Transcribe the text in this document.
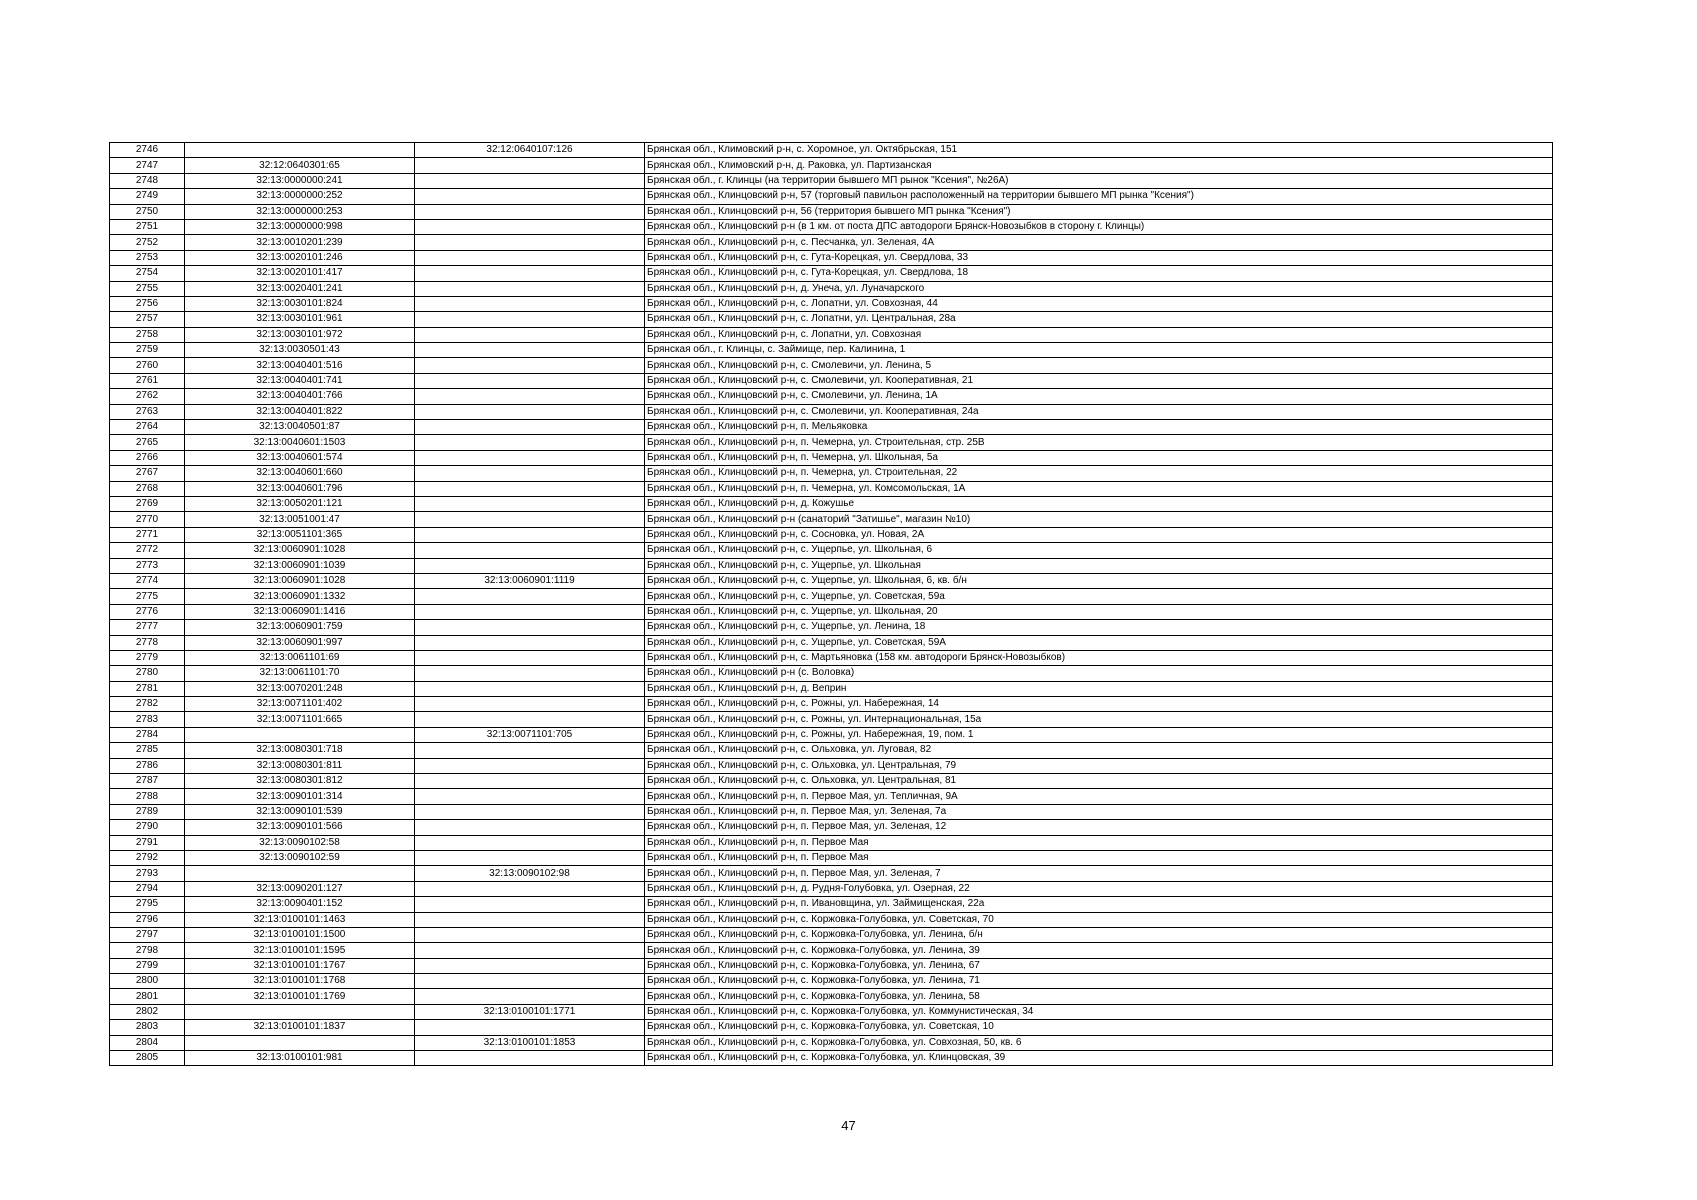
2746		32:12:0640107:126	Брянская обл., Климовский р-н, с. Хоромное, ул. Октябрьская, 151
2747	32:12:0640301:65		Брянская обл., Климовский р-н, д. Раковка, ул. Партизанская
2748	32:13:0000000:241		Брянская обл., г. Клинцы (на территории бывшего МП рынок "Ксения", №26А)
2749	32:13:0000000:252		Брянская обл., Клинцовский р-н, 57 (торговый павильон расположенный на территории бывшего МП рынка "Ксения")
2750	32:13:0000000:253		Брянская обл., Клинцовский р-н, 56 (территория бывшего МП рынка "Ксения")
2751	32:13:0000000:998		Брянская обл., Клинцовский р-н (в 1 км. от поста ДПС автодороги Брянск-Новозыбков в сторону г. Клинцы)
2752	32:13:0010201:239		Брянская обл., Клинцовский р-н, с. Песчанка, ул. Зеленая, 4А
2753	32:13:0020101:246		Брянская обл., Клинцовский р-н, с. Гута-Корецкая, ул. Свердлова, 33
2754	32:13:0020101:417		Брянская обл., Клинцовский р-н, с. Гута-Корецкая, ул. Свердлова, 18
2755	32:13:0020401:241		Брянская обл., Клинцовский р-н, д. Унеча, ул. Луначарского
2756	32:13:0030101:824		Брянская обл., Клинцовский р-н, с. Лопатни, ул. Совхозная, 44
2757	32:13:0030101:961		Брянская обл., Клинцовский р-н, с. Лопатни, ул. Центральная, 28а
2758	32:13:0030101:972		Брянская обл., Клинцовский р-н, с. Лопатни, ул. Совхозная
2759	32:13:0030501:43		Брянская обл., г. Клинцы, с. Займище, пер. Калинина, 1
2760	32:13:0040401:516		Брянская обл., Клинцовский р-н, с. Смолевичи, ул. Ленина, 5
2761	32:13:0040401:741		Брянская обл., Клинцовский р-н, с. Смолевичи, ул. Кооперативная, 21
2762	32:13:0040401:766		Брянская обл., Клинцовский р-н, с. Смолевичи, ул. Ленина, 1А
2763	32:13:0040401:822		Брянская обл., Клинцовский р-н, с. Смолевичи, ул. Кооперативная, 24а
2764	32:13:0040501:87		Брянская обл., Клинцовский р-н, п. Мельяковка
2765	32:13:0040601:1503		Брянская обл., Клинцовский р-н, п. Чемерна, ул. Строительная, стр. 25В
2766	32:13:0040601:574		Брянская обл., Клинцовский р-н, п. Чемерна, ул. Школьная, 5а
2767	32:13:0040601:660		Брянская обл., Клинцовский р-н, п. Чемерна, ул. Строительная, 22
2768	32:13:0040601:796		Брянская обл., Клинцовский р-н, п. Чемерна, ул. Комсомольская, 1А
2769	32:13:0050201:121		Брянская обл., Клинцовский р-н, д. Кожушье
2770	32:13:0051001:47		Брянская обл., Клинцовский р-н (санаторий "Затишье", магазин №10)
2771	32:13:0051101:365		Брянская обл., Клинцовский р-н, с. Сосновка, ул. Новая, 2А
2772	32:13:0060901:1028		Брянская обл., Клинцовский р-н, с. Ущерпье, ул. Школьная, 6
2773	32:13:0060901:1039		Брянская обл., Клинцовский р-н, с. Ущерпье, ул. Школьная
2774	32:13:0060901:1028	32:13:0060901:1119	Брянская обл., Клинцовский р-н, с. Ущерпье, ул. Школьная, 6, кв. б/н
2775	32:13:0060901:1332		Брянская обл., Клинцовский р-н, с. Ущерпье, ул. Советская, 59а
2776	32:13:0060901:1416		Брянская обл., Клинцовский р-н, с. Ущерпье, ул. Школьная, 20
2777	32:13:0060901:759		Брянская обл., Клинцовский р-н, с. Ущерпье, ул. Ленина, 18
2778	32:13:0060901:997		Брянская обл., Клинцовский р-н, с. Ущерпье, ул. Советская, 59А
2779	32:13:0061101:69		Брянская обл., Клинцовский р-н, с. Мартьяновка (158 км. автодороги Брянск-Новозыбков)
2780	32:13:0061101:70		Брянская обл., Клинцовский р-н (с. Воловка)
2781	32:13:0070201:248		Брянская обл., Клинцовский р-н, д. Веприн
2782	32:13:0071101:402		Брянская обл., Клинцовский р-н, с. Рожны, ул. Набережная, 14
2783	32:13:0071101:665		Брянская обл., Клинцовский р-н, с. Рожны, ул. Интернациональная, 15а
2784		32:13:0071101:705	Брянская обл., Клинцовский р-н, с. Рожны, ул. Набережная, 19, пом. 1
2785	32:13:0080301:718		Брянская обл., Клинцовский р-н, с. Ольховка, ул. Луговая, 82
2786	32:13:0080301:811		Брянская обл., Клинцовский р-н, с. Ольховка, ул. Центральная, 79
2787	32:13:0080301:812		Брянская обл., Клинцовский р-н, с. Ольховка, ул. Центральная, 81
2788	32:13:0090101:314		Брянская обл., Клинцовский р-н, п. Первое Мая, ул. Тепличная, 9А
2789	32:13:0090101:539		Брянская обл., Клинцовский р-н, п. Первое Мая, ул. Зеленая, 7а
2790	32:13:0090101:566		Брянская обл., Клинцовский р-н, п. Первое Мая, ул. Зеленая, 12
2791	32:13:0090102:58		Брянская обл., Клинцовский р-н, п. Первое Мая
2792	32:13:0090102:59		Брянская обл., Клинцовский р-н, п. Первое Мая
2793		32:13:0090102:98	Брянская обл., Клинцовский р-н, п. Первое Мая, ул. Зеленая, 7
2794	32:13:0090201:127		Брянская обл., Клинцовский р-н, д. Рудня-Голубовка, ул. Озерная, 22
2795	32:13:0090401:152		Брянская обл., Клинцовский р-н, п. Ивановщина, ул. Займищенская, 22а
2796	32:13:0100101:1463		Брянская обл., Клинцовский р-н, с. Коржовка-Голубовка, ул. Советская, 70
2797	32:13:0100101:1500		Брянская обл., Клинцовский р-н, с. Коржовка-Голубовка, ул. Ленина, б/н
2798	32:13:0100101:1595		Брянская обл., Клинцовский р-н, с. Коржовка-Голубовка, ул. Ленина, 39
2799	32:13:0100101:1767		Брянская обл., Клинцовский р-н, с. Коржовка-Голубовка, ул. Ленина, 67
2800	32:13:0100101:1768		Брянская обл., Клинцовский р-н, с. Коржовка-Голубовка, ул. Ленина, 71
2801	32:13:0100101:1769		Брянская обл., Клинцовский р-н, с. Коржовка-Голубовка, ул. Ленина, 58
2802		32:13:0100101:1771	Брянская обл., Клинцовский р-н, с. Коржовка-Голубовка, ул. Коммунистическая, 34
2803	32:13:0100101:1837		Брянская обл., Клинцовский р-н, с. Коржовка-Голубовка, ул. Советская, 10
2804		32:13:0100101:1853	Брянская обл., Клинцовский р-н, с. Коржовка-Голубовка, ул. Совхозная, 50, кв. 6
2805	32:13:0100101:981		Брянская обл., Клинцовский р-н, с. Коржовка-Голубовка, ул. Клинцовская, 39
47
